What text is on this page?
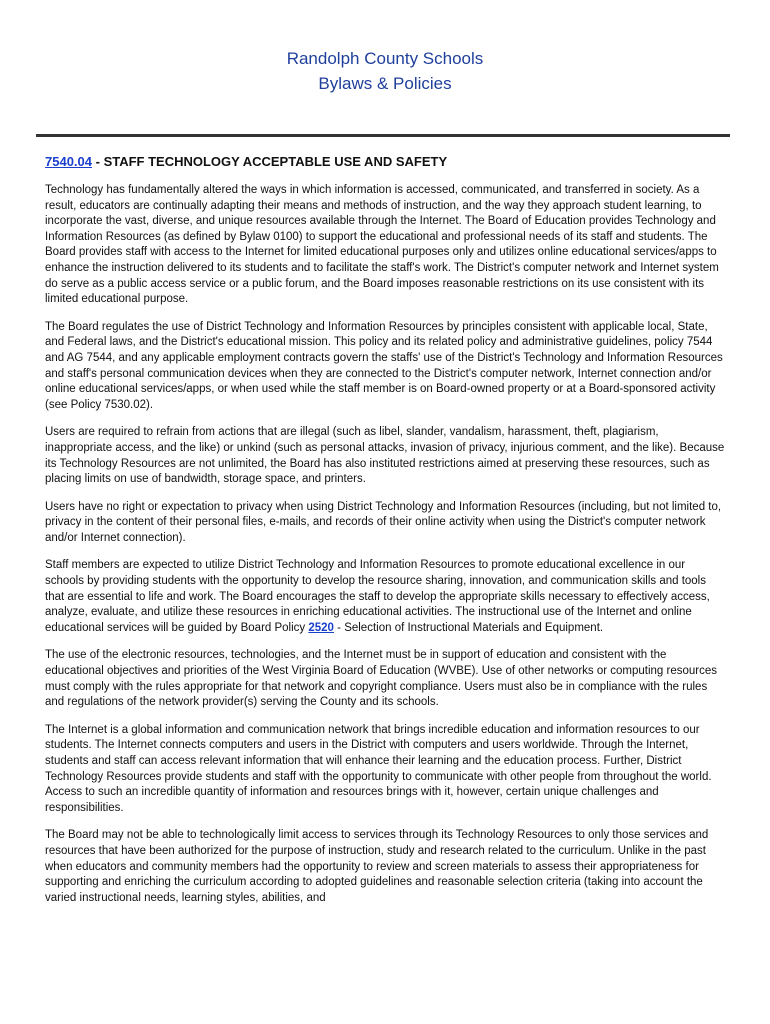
Randolph County Schools
Bylaws & Policies
7540.04 - STAFF TECHNOLOGY ACCEPTABLE USE AND SAFETY

Technology has fundamentally altered the ways in which information is accessed, communicated, and transferred in society. As a result, educators are continually adapting their means and methods of instruction, and the way they approach student learning, to incorporate the vast, diverse, and unique resources available through the Internet. The Board of Education provides Technology and Information Resources (as defined by Bylaw 0100) to support the educational and professional needs of its staff and students. The Board provides staff with access to the Internet for limited educational purposes only and utilizes online educational services/apps to enhance the instruction delivered to its students and to facilitate the staff's work. The District's computer network and Internet system do serve as a public access service or a public forum, and the Board imposes reasonable restrictions on its use consistent with its limited educational purpose.

The Board regulates the use of District Technology and Information Resources by principles consistent with applicable local, State, and Federal laws, and the District's educational mission. This policy and its related policy and administrative guidelines, policy 7544 and AG 7544, and any applicable employment contracts govern the staffs' use of the District's Technology and Information Resources and staff's personal communication devices when they are connected to the District's computer network, Internet connection and/or online educational services/apps, or when used while the staff member is on Board-owned property or at a Board-sponsored activity (see Policy 7530.02).

Users are required to refrain from actions that are illegal (such as libel, slander, vandalism, harassment, theft, plagiarism, inappropriate access, and the like) or unkind (such as personal attacks, invasion of privacy, injurious comment, and the like). Because its Technology Resources are not unlimited, the Board has also instituted restrictions aimed at preserving these resources, such as placing limits on use of bandwidth, storage space, and printers.

Users have no right or expectation to privacy when using District Technology and Information Resources (including, but not limited to, privacy in the content of their personal files, e-mails, and records of their online activity when using the District's computer network and/or Internet connection).

Staff members are expected to utilize District Technology and Information Resources to promote educational excellence in our schools by providing students with the opportunity to develop the resource sharing, innovation, and communication skills and tools that are essential to life and work. The Board encourages the staff to develop the appropriate skills necessary to effectively access, analyze, evaluate, and utilize these resources in enriching educational activities. The instructional use of the Internet and online educational services will be guided by Board Policy 2520 - Selection of Instructional Materials and Equipment.

The use of the electronic resources, technologies, and the Internet must be in support of education and consistent with the educational objectives and priorities of the West Virginia Board of Education (WVBE). Use of other networks or computing resources must comply with the rules appropriate for that network and copyright compliance. Users must also be in compliance with the rules and regulations of the network provider(s) serving the County and its schools.

The Internet is a global information and communication network that brings incredible education and information resources to our students. The Internet connects computers and users in the District with computers and users worldwide. Through the Internet, students and staff can access relevant information that will enhance their learning and the education process. Further, District Technology Resources provide students and staff with the opportunity to communicate with other people from throughout the world. Access to such an incredible quantity of information and resources brings with it, however, certain unique challenges and responsibilities.

The Board may not be able to technologically limit access to services through its Technology Resources to only those services and resources that have been authorized for the purpose of instruction, study and research related to the curriculum. Unlike in the past when educators and community members had the opportunity to review and screen materials to assess their appropriateness for supporting and enriching the curriculum according to adopted guidelines and reasonable selection criteria (taking into account the varied instructional needs, learning styles, abilities, and
